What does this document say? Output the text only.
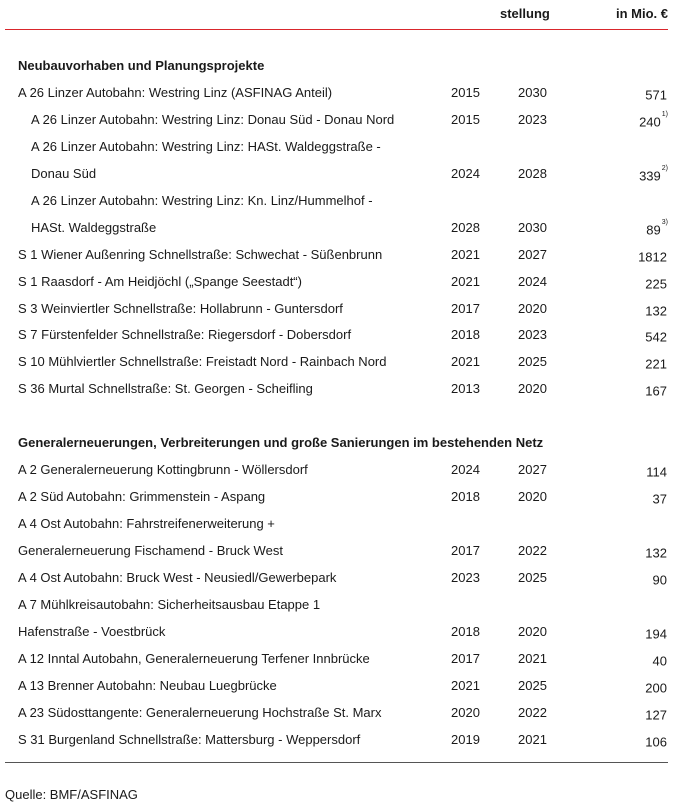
stellung	in Mio. €
Neubauvorhaben und Planungsprojekte
A 26 Linzer Autobahn: Westring Linz (ASFINAG Anteil)	2015	2030	571
A 26 Linzer Autobahn: Westring Linz: Donau Süd - Donau Nord	2015	2023	240$^{1)}$
A 26 Linzer Autobahn: Westring Linz: HASt. Waldeggstraße -
Donau Süd	2024	2028	339$^{2)}$
A 26 Linzer Autobahn: Westring Linz: Kn. Linz/Hummelhof -
HASt. Waldeggstraße	2028	2030	89$^{3)}$
S 1 Wiener Außenring Schnellstraße: Schwechat - Süßenbrunn	2021	2027	1812
S 1 Raasdorf - Am Heidjöchl („Spange Seestadt“)	2021	2024	225
S 3 Weinviertler Schnellstraße: Hollabrunn - Guntersdorf	2017	2020	132
S 7 Fürstenfelder Schnellstraße: Riegersdorf - Dobersdorf	2018	2023	542
S 10 Mühlviertler Schnellstraße: Freistadt Nord - Rainbach Nord	2021	2025	221
S 36 Murtal Schnellstraße: St. Georgen - Scheifling	2013	2020	167
Generalerneuerungen, Verbreiterungen und große Sanierungen im bestehenden Netz
A 2 Generalerneuerung Kottingbrunn - Wöllersdorf	2024	2027	114
A 2 Süd Autobahn: Grimmenstein - Aspang	2018	2020	37
A 4 Ost Autobahn: Fahrstreifenerweiterung +
Generalerneuerung Fischamend - Bruck West	2017	2022	132
A 4 Ost Autobahn: Bruck West - Neusiedl/Gewerbepark	2023	2025	90
A 7 Mühlkreisautobahn: Sicherheitsausbau Etappe 1
Hafenstraße - Voestbrück	2018	2020	194
A 12 Inntal Autobahn, Generalerneuerung Terfener Innbrücke	2017	2021	40
A 13 Brenner Autobahn: Neubau Luegbrücke	2021	2025	200
A 23 Südosttangente: Generalerneuerung Hochstraße St. Marx	2020	2022	127
S 31 Burgenland Schnellstraße: Mattersburg - Weppersdorf	2019	2021	106
Quelle: BMF/ASFINAG
